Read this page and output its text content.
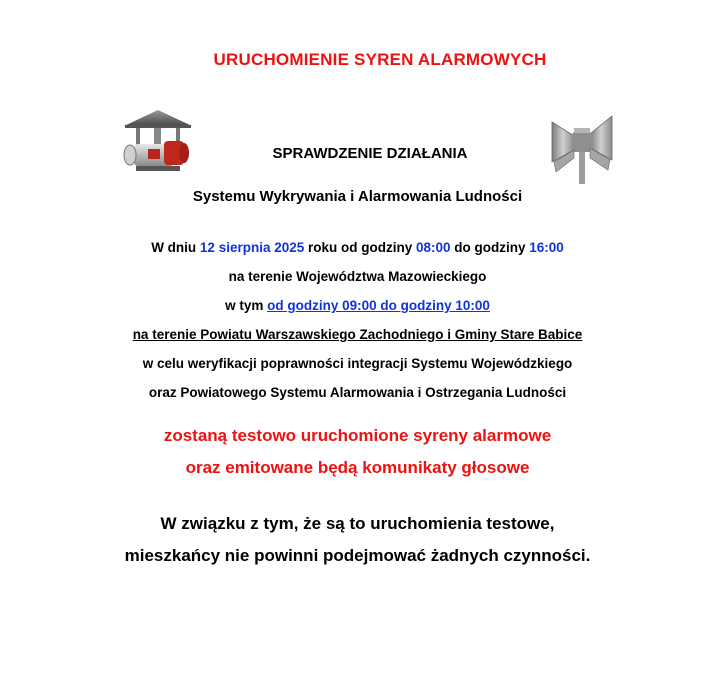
URUCHOMIENIE SYREN ALARMOWYCH
SPRAWDZENIE DZIAŁANIA
Systemu Wykrywania i Alarmowania Ludności
W dniu 12 sierpnia 2025 roku od godziny 08:00 do godziny 16:00
na terenie Województwa Mazowieckiego
w tym od godziny 09:00 do godziny 10:00
na terenie Powiatu Warszawskiego Zachodniego i Gminy Stare Babice
w celu weryfikacji poprawności integracji Systemu Wojewódzkiego
oraz Powiatowego Systemu Alarmowania i Ostrzegania Ludności
zostaną testowo uruchomione syreny alarmowe
oraz emitowane będą komunikaty głosowe
W związku z tym, że są to uruchomienia testowe,
mieszkańcy nie powinni podejmować żadnych czynności.
